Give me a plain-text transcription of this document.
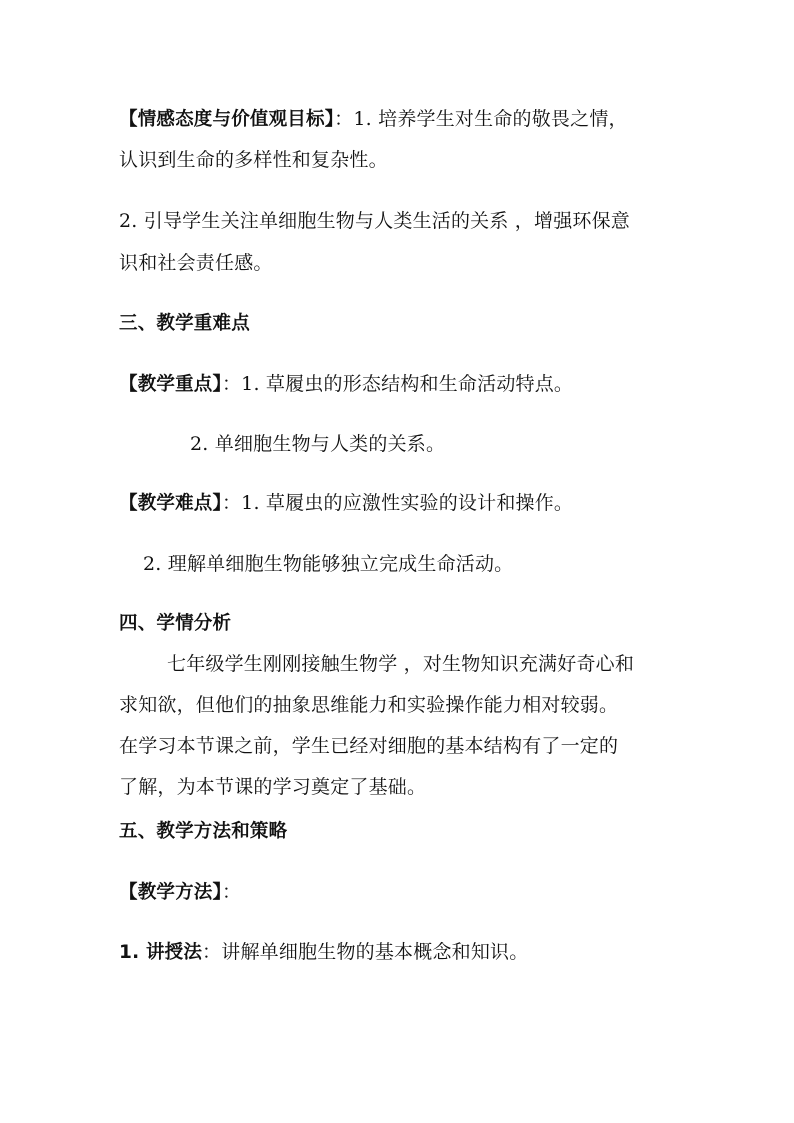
【情感态度与价值观目标】：1. 培养学生对生命的敬畏之情，
认识到生命的多样性和复杂性。
2. 引导学生关注单细胞生物与人类生活的关系 ，增强环保意
识和社会责任感。
三、教学重难点
【教学重点】：1. 草履虫的形态结构和生命活动特点。
2. 单细胞生物与人类的关系。
【教学难点】：1. 草履虫的应激性实验的设计和操作。
2. 理解单细胞生物能够独立完成生命活动。
四、学情分析
七年级学生刚刚接触生物学 ，对生物知识充满好奇心和
求知欲，但他们的抽象思维能力和实验操作能力相对较弱。
在学习本节课之前，学生已经对细胞的基本结构有了一定的
了解，为本节课的学习奠定了基础。
五、教学方法和策略
【教学方法】：
1. 讲授法：讲解单细胞生物的基本概念和知识。
